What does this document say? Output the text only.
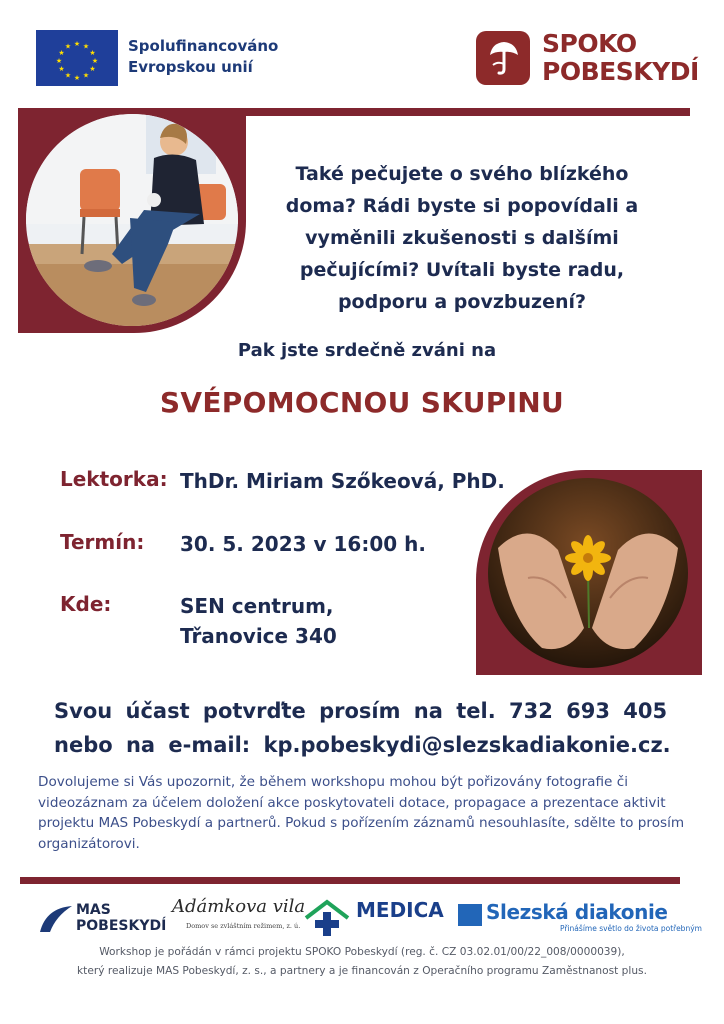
★ ★
★
★
★
★
★
★
★
★
★
★	Spolufinancováno
Evropskou unií
SPOKO
POBESKYDÍ
Také pečujete o svého blízkého doma? Rádi byste si popovídali a vyměnili zkušenosti s dalšími pečujícími? Uvítali byste radu, podporu a povzbuzení?
Pak jste srdečně zváni na
SVÉPOMOCNOU SKUPINU
Lektorka: ThDr. Miriam Szőkeová, PhD.
Termín: 30. 5. 2023 v 16:00 h.
Kde:	SEN centrum,
Třanovice 340
Svou účast potvrďte prosím na tel. 732 693 405
nebo na e-mail: kp.pobeskydi@slezskadiakonie.cz.
Dovolujeme si Vás upozornit, že během workshopu mohou být pořizovány fotografie či videozáznam za účelem doložení akce poskytovateli dotace, propagace a prezentace aktivit projektu MAS Pobeskydí a partnerů. Pokud s pořízením záznamů nesouhlasíte, sdělte to prosím organizátorovi.
MAS
POBESKYDÍ
Adámkova vila
Domov se zvláštním režimem, z. ú.
MEDICA Slezská diakonie
Přinášíme světlo do života potřebným
Workshop je pořádán v rámci projektu SPOKO Pobeskydí (reg. č. CZ 03.02.01/00/22_008/0000039),
který realizuje MAS Pobeskydí, z. s., a partnery a je financován z Operačního programu Zaměstnanost plus.
